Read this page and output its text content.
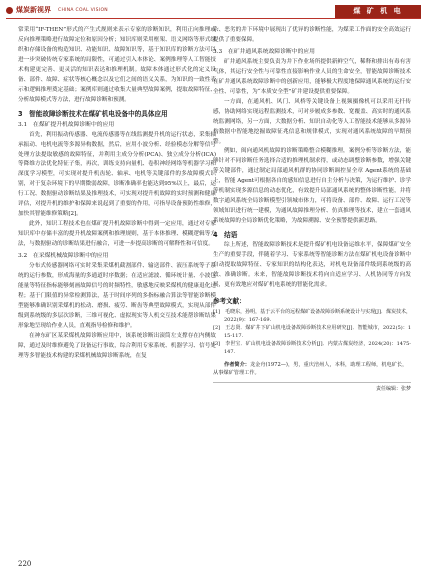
煤炭新视界 CHINA COAL VISION	煤 矿 机 电

常采用“IF-THEN”形式的产生式规则来表示专家的诊断知识，利用正向推理或反向推理策略进行故障定位和原因分析；知识库则采用框架、语义网络等形式组织和存储设备的构造知识、功能知识、故障知识等，基于知识库的诊断方法可以进一步突破传统专家系统的局限性，可通过引入本体论、案例推理等人工智能技术构建更完善、更灵活的知识表达和推理机制。故障本体通过形式化的定义设备、部件、故障、症状等核心概念以及它们之间的语义关系，为知识的一致性表示和逻辑推理奠定基础；案例库则通过收集大量典型故障案例，提取故障特征、分析故障模式等方法，进行故障诊断和预测。

3　智能故障诊断技术在煤矿机电设备中的具体应用
3.1　在煤矿提升机故障诊断中的应用

首先，利用振动传感器、电流传感器等在线监测提升机的运行状态，采集轴承振动、电机电流等多源异构数据，然后，应用小波分析、经验模态分解等信号处理方法提取敏感的故障特征，并利用主成分分析(PCA)、独立成分分析(ICA)等降维方法优化特征子集，再次，训练支持向量机、卷积神经网络等机器学习和深度学习模型，可实现对提升机齿轮、轴承、电机等关键部件的多故障模式识别，对于复杂环境下的早期微弱故障，诊断准确率也能达到95%以上，最后，运行工况、数据驱动诊断结果及推理技术，可实现对提升机故障的实时预测和健康评估，对提升机的维护和保障来说起到了重要的作用，可指导设备预防性维修，加快其智能维修策略[2]。

此外，知识工程技术也在煤矿提升机故障诊断中得到一定应用，通过对专家知识库中存储丰富的提升机故障案例和推理规则，基于本体推理、模糊逻辑等方法，与数据驱动的诊断结果进行融合，可进一步提高诊断的可解释性和可信度。

3.2　在采煤机械故障诊断中的应用

分布式传感器网络可实时采集采煤机截割部件、输送部件、液压系统等子系统的运行参数，形成海量的多通道时序数据；在适应滤波、循环统计量、小波包能量等特征指标能够刻画故障信号的时频特性，敏感地反映采煤机的健康退化过程；基于门限值的异常检测算法，基于时间序列的多指标融合算法等智能诊断模型能够准确识别采煤机的松动、磨损、疲劳、断齿等典型故障模式，实现从部件级到系统级的多层次诊断，三维可视化、虚拟现实等人机交互技术能帮诊断结果形象地呈现给作业人员，直观指导检修和维护。

在神东矿区某采煤机故障诊断应用中，该系统诊断出滚筒左支撑存在内侧故障，通过及时维修避免了设备运行事故，综合利用专家系统、机器学习、信号处理等多智能技术构建的采煤机械故障诊断系统，在复

杂、恶劣的井下环境中展现出了优异的诊断性能，为煤采工作面的安全高效运行提供了重要保障。

3.3　在矿井通风系统故障诊断中的应用

矿井通风系统主要负责为井下作业场所提供新鲜空气，稀释和排出有毒有害气体，其运行安全性与可靠性直接影响作业人员的生命安全，智能故障诊断技术在矿井通风系统故障诊断中的创新应用，能够极大程度地保障通风系统的运行安全性、可靠性，为“本质安全型”矿井建设提供重要保障。

一方面，在通风机、风门、风桥等关键设备上视频摄像机可以采用无扦传感，协助网络实现远程监测技术，可对步履成多参数、宽覆盖、高实时的通风系统监测网络，另一方面，大数据分析、知识自动化等人工智能技术能够从多源异构数据中智能地挖掘故障征兆信息和规律模式，实现对通风系统故障的早期预警。

例如，闽向通风机故障的诊断策略整合模糊推理，案例分析等诊断方法，能够针对不同诊断任务选择合适的推理机制求得，或动态调整诊断参数，增强关键等关键部件，通过制定局部通风机群的协同诊断调控显全章 Agent系统的基础上，智能 Agent可根据各自的感知信息进行自主分析与决策，为运行维护、诊学等机制实现多源信息的动态优化，有效提升局部通风系统的整体诊断性能，并将数字通风系统全局诊断模型引领城市体力，可将设备、部件、故障、运行工况等领域知识进行统一建模，为通风故障推理分析、仿真推理等技术，建立一套通风系统故障的全局诊断优化策略，为故障溯源、安全预警提供新思路。

4　结语

综上所述，智能故障诊断技术是提升煤矿机电设备运维水平，保障煤矿安全生产的重要手段，伴随着学习、专家系统等智能诊断方法在煤矿机电设备诊断中自动提取故障特征、专家知识的结构化表达，对机电设备部件级到系统级的高效、准确诊断。未来，智能故障诊断技术将向自适应学习、人机协同等方向发展，更有效地应对煤矿机电系统的智能化需求。

参考文献：

[1]　毛晓东，孙明，基于云平台的远程煤矿设备故障诊断系统设计与实现[J]．煤炭技术，2022(9)：167-169.

[2]　王志贤．煤矿井下矿山机电设备故障诊断技术应用研究[J]．智能城市，2022(5)：115-117.

[3]　李世宝．矿山机电设备故障诊断技术分析[J]．内蒙古煤炭经济，2024(20)：1475-147.

作者简介：龙金舟(1972—)，男，重庆涪州人，本科，助理工程师，机电矿长，从事煤矿管理工作。

责任编辑：张梦

220
